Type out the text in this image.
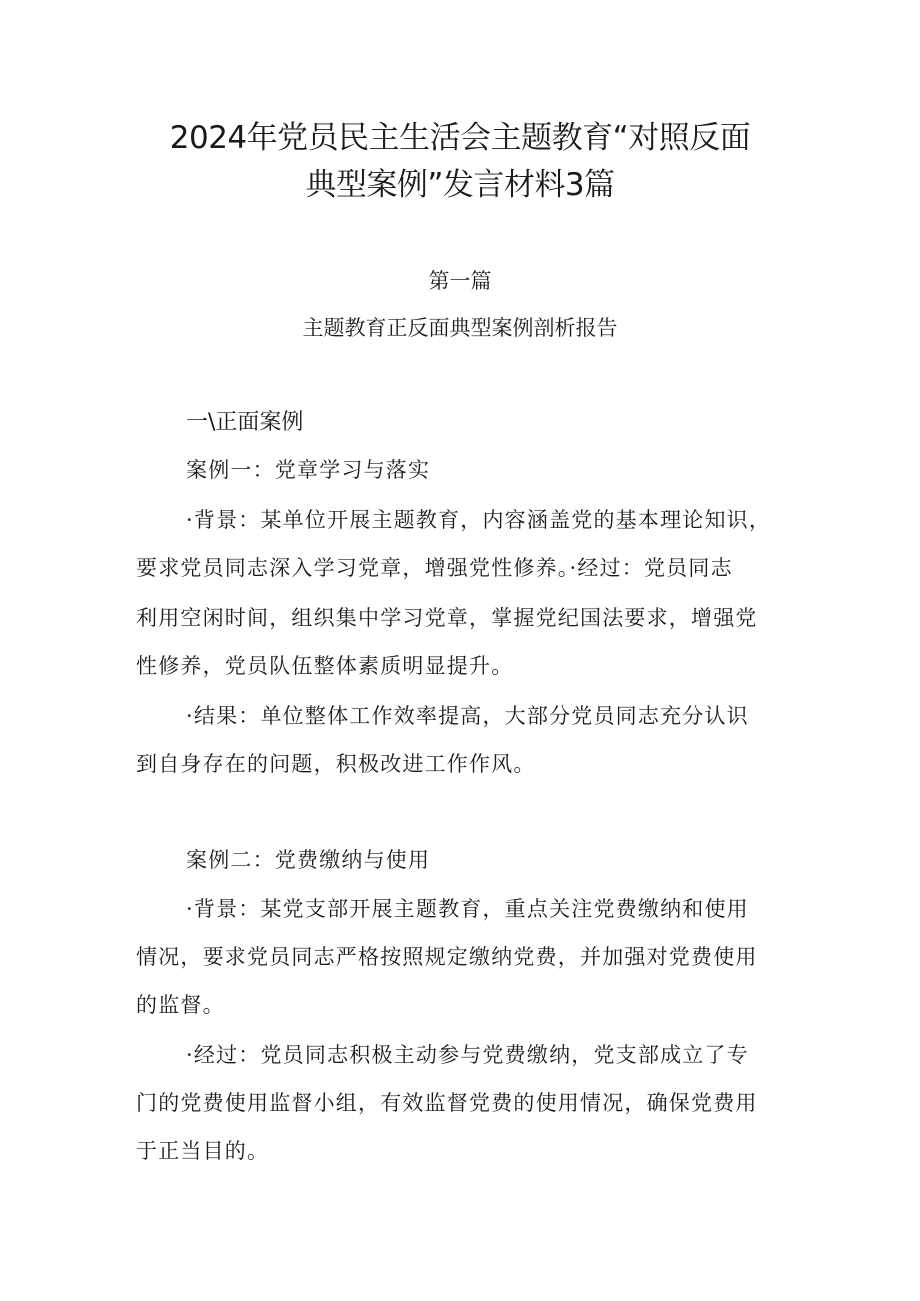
2024年党员民主生活会主题教育“对照反面
典型案例”发言材料3篇
第一篇
主题教育正反面典型案例剖析报告
一\正面案例
案例一：党章学习与落实
·背景：某单位开展主题教育，内容涵盖党的基本理论知识，
要求党员同志深入学习党章，增强党性修养。·经过：党员同志
利用空闲时间，组织集中学习党章，掌握党纪国法要求，增强党
性修养，党员队伍整体素质明显提升。
·结果：单位整体工作效率提高，大部分党员同志充分认识
到自身存在的问题，积极改进工作作风。
案例二：党费缴纳与使用
·背景：某党支部开展主题教育，重点关注党费缴纳和使用
情况，要求党员同志严格按照规定缴纳党费，并加强对党费使用
的监督。
·经过：党员同志积极主动参与党费缴纳，党支部成立了专
门的党费使用监督小组，有效监督党费的使用情况，确保党费用
于正当目的。
